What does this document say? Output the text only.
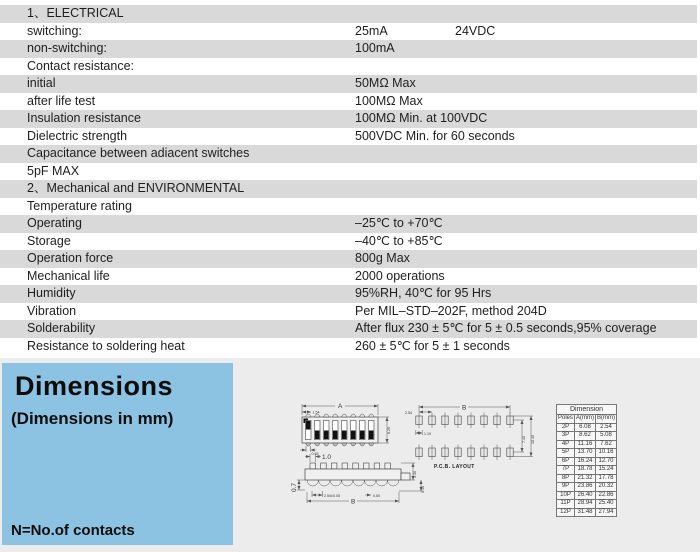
1、ELECTRICAL
switching:	25mA	24VDC
non-switching:	100mA
Contact resistance:
initial	50MΩ Max
after life test	100MΩ Max
Insulation resistance	100MΩ Min. at 100VDC
Dielectric strength	500VDC Min. for 60 seconds
Capacitance between adiacent switches
5pF MAX
2、Mechanical and ENVIRONMENTAL
Temperature rating
Operating	–25℃ to +70℃
Storage	–40℃ to +85℃
Operation force	800g Max
Mechanical life	2000 operations
Humidity	95%RH, 40℃ for 95 Hrs
Vibration	Per MIL–STD–202F, method 204D
Solderability	After flux 230 ± 5℃ for 5 ± 0.5 seconds,95% coverage
Resistance to soldering heat	260 ± 5℃ for 5 ± 1 seconds
Dimensions
(Dimensions in mm)
N=No.of contacts
A
1.54
0.55
6.20
1.0
0.7
2.54±0.05	0.50
B
3.30
0.15
B
2.54
1.19
7.40 10.40
P.C.B. LAYOUT
Dimension		
Poles	A(mm)	B(mm)
2P	6.08	2.54
3P	8.62	5.08
4P	11.16	7.62
5P	13.70	10.16
6P	16.24	12.70
7P	18.78	15.24
8P	21.32	17.78
9P	23.86	20.32
10P	26.40	22.86
11P	28.94	25.40
12P	31.48	27.94
